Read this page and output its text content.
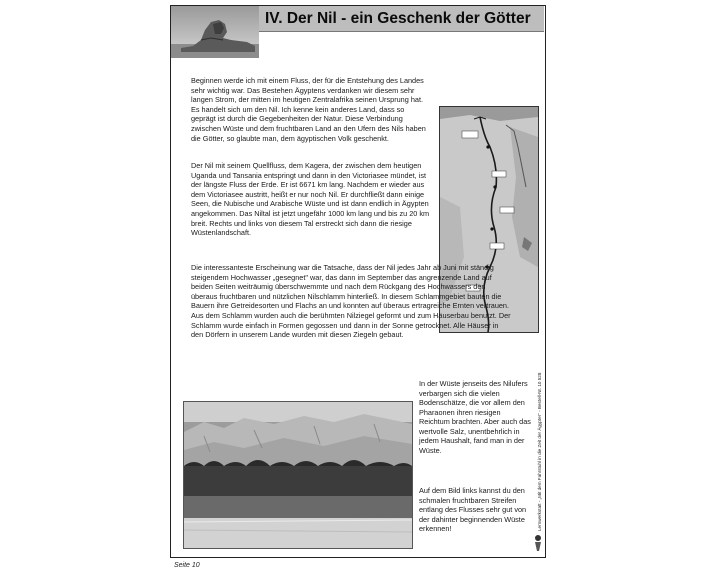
IV. Der Nil - ein Geschenk der Götter

Beginnen werde ich mit einem Fluss, der für die Entstehung des Landes sehr wichtig war. Das Bestehen Ägyptens verdanken wir diesem sehr langen Strom, der mitten im heutigen Zentralafrika seinen Ursprung hat. Es handelt sich um den Nil. Ich kenne kein anderes Land, dass so geprägt ist durch die Gegebenheiten der Natur. Diese Verbindung zwischen Wüste und dem fruchtbaren Land an den Ufern des Nils haben die Götter, so glaubte man, dem ägyptischen Volk geschenkt.

Der Nil mit seinem Quellfluss, dem Kagera, der zwischen dem heutigen Uganda und Tansania entspringt und dann in den Victoriasee mündet, ist der längste Fluss der Erde. Er ist 6671 km lang. Nachdem er wieder aus dem Victoriasee austritt, heißt er nur noch Nil. Er durchfließt dann einige Seen, die Nubische und Arabische Wüste und ist dann endlich in Ägypten angekommen. Das Niltal ist jetzt ungefähr 1000 km lang und bis zu 20 km breit. Rechts und links von diesem Tal erstreckt sich dann die riesige Wüstenlandschaft.

Die interessanteste Erscheinung war die Tatsache, dass der Nil jedes Jahr ab Juni mit ständig steigendem Hochwasser „gesegnet" war, das dann im September das angrenzende Land auf beiden Seiten weiträumig überschwemmte und nach dem Rückgang des Hochwassers den überaus fruchtbaren und nützlichen Nilschlamm hinterließ. In diesem Schlammgebiet bauten die Bauern ihre Getreidesorten und Flachs an und konnten auf überaus ertragreiche Ernten vertrauen. Aus dem Schlamm wurden auch die berühmten Nilziegel geformt und zum Häuserbau benutzt. Der Schlamm wurde einfach in Formen gegossen und dann in der Sonne getrocknet. Alle Häuser in den Dörfern in unserem Lande wurden mit diesen Ziegeln gebaut.

In der Wüste jenseits des Nilufers verbargen sich die vielen Bodenschätze, die vor allem den Pharaonen ihren riesigen Reichtum brachten. Aber auch das wertvolle Salz, unentbehrlich in jedem Haushalt, fand man in der Wüste.

Auf dem Bild links kannst du den schmalen fruchtbaren Streifen entlang des Flusses sehr gut von der dahinter beginnenden Wüste erkennen!	Lernwerkstatt - „Mit dem Fahrstuhl in die Zeit der Ägypter" - Bestell-Nr. 10 528
Seite 10
